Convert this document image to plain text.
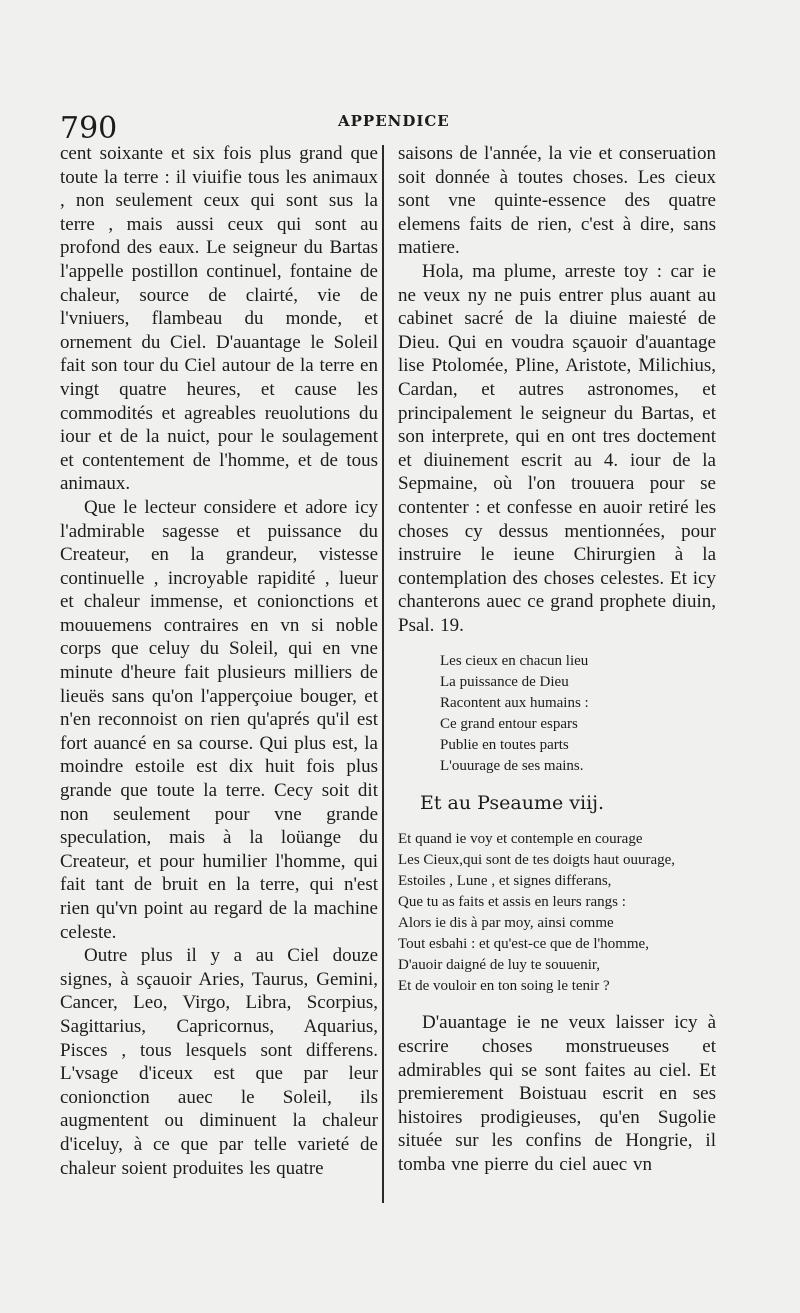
790	APPENDICE

cent soixante et six fois plus grand que toute la terre : il viuifie tous les animaux , non seulement ceux qui sont sus la terre , mais aussi ceux qui sont au profond des eaux. Le seigneur du Bartas l'appelle postillon continuel, fontaine de chaleur, source de clairté, vie de l'vniuers, flambeau du monde, et ornement du Ciel. D'auantage le Soleil fait son tour du Ciel autour de la terre en vingt quatre heures, et cause les commodités et agreables reuolutions du iour et de la nuict, pour le soulagement et contentement de l'homme, et de tous animaux.

Que le lecteur considere et adore icy l'admirable sagesse et puissance du Createur, en la grandeur, vistesse continuelle , incroyable rapidité , lueur et chaleur immense, et conionctions et mouuemens contraires en vn si noble corps que celuy du Soleil, qui en vne minute d'heure fait plusieurs milliers de lieuës sans qu'on l'apperçoiue bouger, et n'en reconnoist on rien qu'aprés qu'il est fort auancé en sa course. Qui plus est, la moindre estoile est dix huit fois plus grande que toute la terre. Cecy soit dit non seulement pour vne grande speculation, mais à la loüange du Createur, et pour humilier l'homme, qui fait tant de bruit en la terre, qui n'est rien qu'vn point au regard de la machine celeste.

Outre plus il y a au Ciel douze signes, à sçauoir Aries, Taurus, Gemini, Cancer, Leo, Virgo, Libra, Scorpius, Sagittarius, Capricornus, Aquarius, Pisces , tous lesquels sont differens. L'vsage d'iceux est que par leur conionction auec le Soleil, ils augmentent ou diminuent la chaleur d'iceluy, à ce que par telle varieté de chaleur soient produites les quatre

saisons de l'année, la vie et conseruation soit donnée à toutes choses. Les cieux sont vne quinte-essence des quatre elemens faits de rien, c'est à dire, sans matiere.

Hola, ma plume, arreste toy : car ie ne veux ny ne puis entrer plus auant au cabinet sacré de la diuine maiesté de Dieu. Qui en voudra sçauoir d'auantage lise Ptolomée, Pline, Aristote, Milichius, Cardan, et autres astronomes, et principalement le seigneur du Bartas, et son interprete, qui en ont tres doctement et diuinement escrit au 4. iour de la Sepmaine, où l'on trouuera pour se contenter : et confesse en auoir retiré les choses cy dessus mentionnées, pour instruire le ieune Chirurgien à la contemplation des choses celestes. Et icy chanterons auec ce grand prophete diuin, Psal. 19.

Les cieux en chacun lieu

La puissance de Dieu

Racontent aux humains :

Ce grand entour espars

Publie en toutes parts

L'ouurage de ses mains.

Et au Pseaume viij.

Et quand ie voy et contemple en courage

Les Cieux,qui sont de tes doigts haut ouurage,

Estoiles , Lune , et signes differans,

Que tu as faits et assis en leurs rangs :

Alors ie dis à par moy, ainsi comme

Tout esbahi : et qu'est-ce que de l'homme,

D'auoir daigné de luy te souuenir,

Et de vouloir en ton soing le tenir ?

D'auantage ie ne veux laisser icy à escrire choses monstrueuses et admirables qui se sont faites au ciel. Et premierement Boistuau escrit en ses histoires prodigieuses, qu'en Sugolie située sur les confins de Hongrie, il tomba vne pierre du ciel auec vn
